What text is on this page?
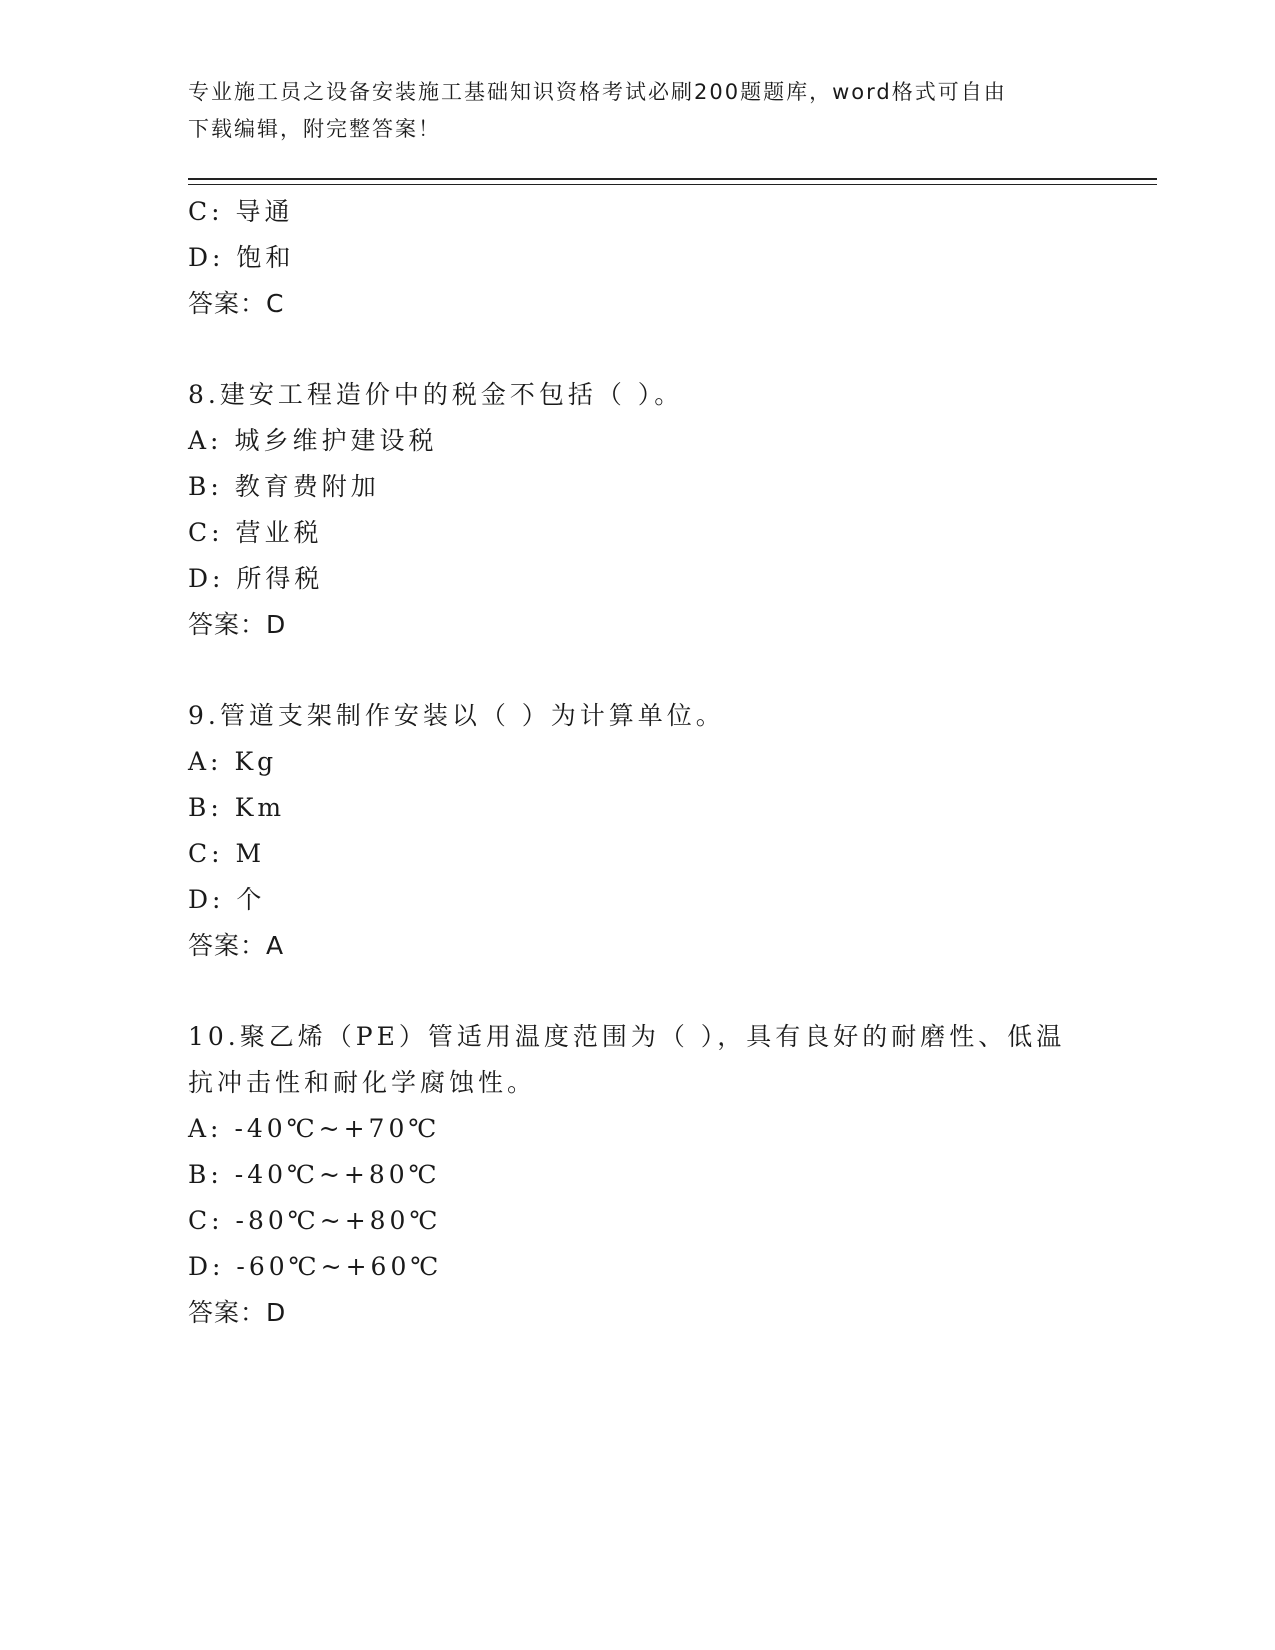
专业施工员之设备安装施工基础知识资格考试必刷200题题库，word格式可自由
下载编辑，附完整答案！
C: 导通
D: 饱和
答案：C
8.建安工程造价中的税金不包括（ ）。
A: 城乡维护建设税
B: 教育费附加
C: 营业税
D: 所得税
答案：D
9.管道支架制作安装以（ ）为计算单位。
A: Kg
B: Km
C: M
D: 个
答案：A
10.聚乙烯（PE）管适用温度范围为（ ），具有良好的耐磨性、低温
抗冲击性和耐化学腐蚀性。
A: -40℃~+70℃
B: -40℃~+80℃
C: -80℃~+80℃
D: -60℃~+60℃
答案：D
